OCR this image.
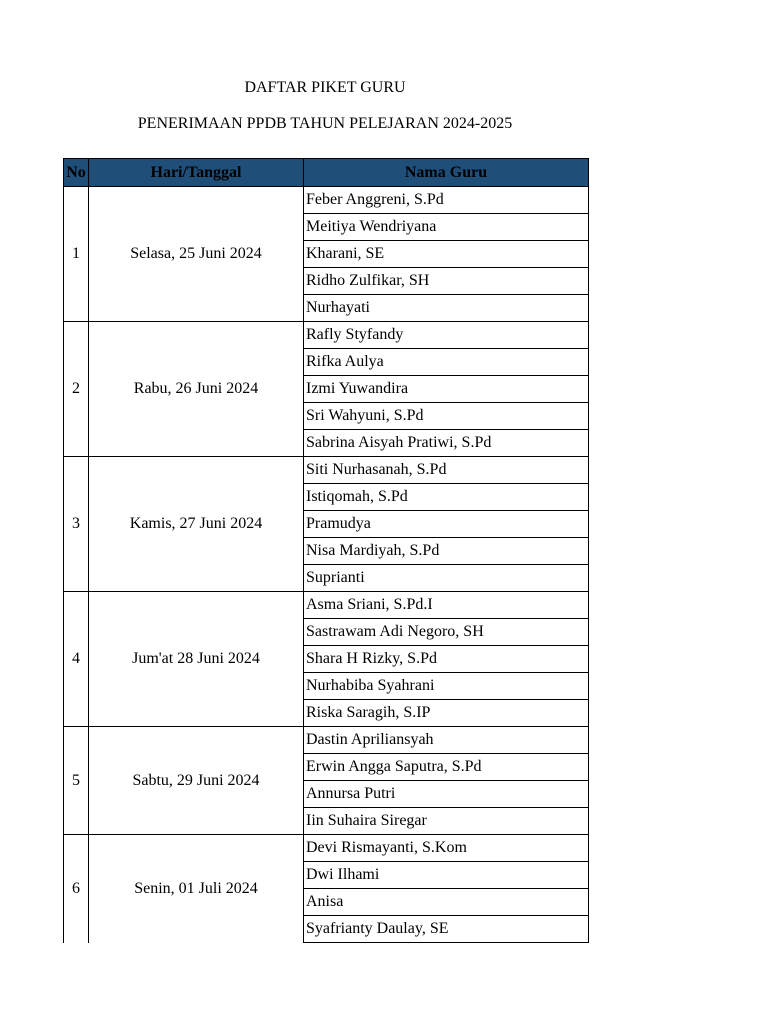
DAFTAR PIKET GURU
PENERIMAAN PPDB TAHUN PELEJARAN 2024-2025
No	Hari/Tanggal	Nama Guru
1	Selasa, 25 Juni 2024	Feber Anggreni, S.Pd
		Meitiya Wendriyana
		Kharani, SE
		Ridho Zulfikar, SH
		Nurhayati
2	Rabu, 26 Juni 2024	Rafly Styfandy
		Rifka Aulya
		Izmi Yuwandira
		Sri Wahyuni, S.Pd
		Sabrina Aisyah Pratiwi, S.Pd
3	Kamis, 27 Juni 2024	Siti Nurhasanah, S.Pd
		Istiqomah, S.Pd
		Pramudya
		Nisa Mardiyah, S.Pd
		Suprianti
4	Jum'at 28 Juni 2024	Asma Sriani, S.Pd.I
		Sastrawam Adi Negoro, SH
		Shara H Rizky, S.Pd
		Nurhabiba Syahrani
		Riska Saragih, S.IP
5	Sabtu, 29 Juni 2024	Dastin Apriliansyah
		Erwin Angga Saputra, S.Pd
		Annursa Putri
		Iin Suhaira Siregar
6	Senin, 01 Juli 2024	Devi Rismayanti, S.Kom
		Dwi Ilhami
		Anisa
		Syafrianty Daulay, SE
